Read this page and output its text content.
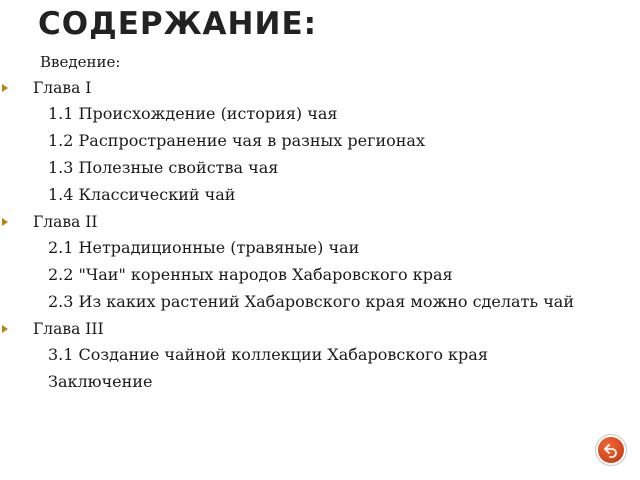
СОДЕРЖАНИЕ:
Введение:
Глава I
1.1 Происхождение (история) чая
1.2 Распространение чая в разных регионах
1.3 Полезные свойства чая
1.4 Классический чай
Глава II
2.1 Нетрадиционные (травяные) чаи
2.2 "Чаи" коренных народов Хабаровского края
2.3 Из каких растений Хабаровского края можно сделать чай
Глава III
3.1 Создание чайной коллекции Хабаровского края
Заключение
